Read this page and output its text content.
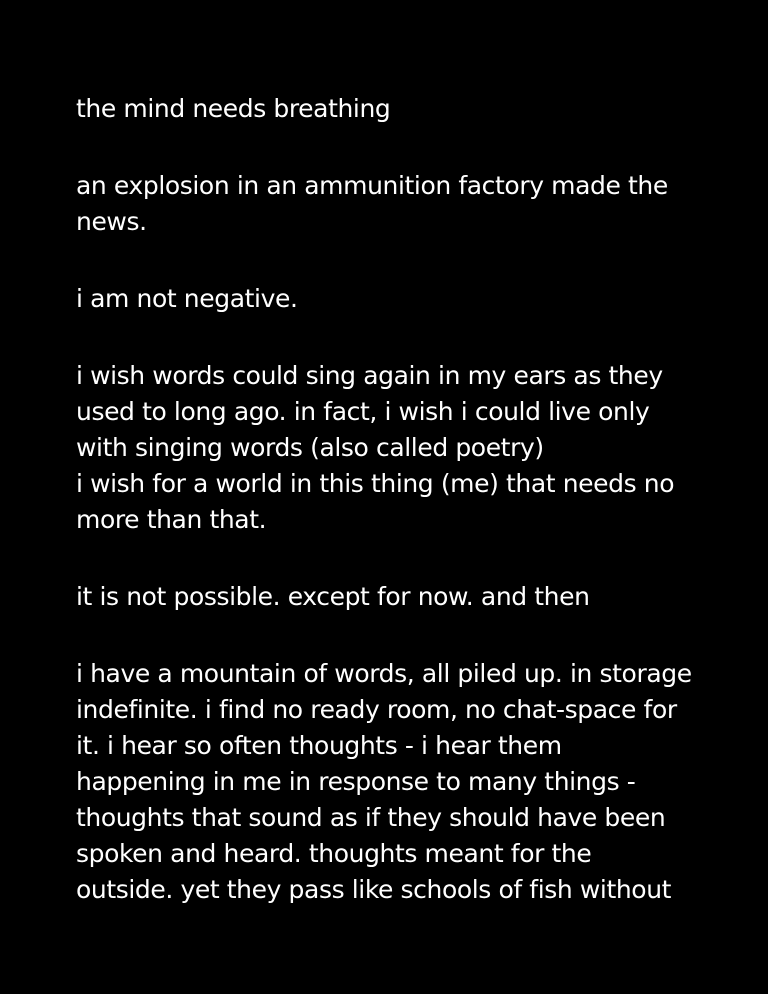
the mind needs breathing

an explosion in an ammunition factory made the
news.

i am not negative.

i wish words could sing again in my ears as they
used to long ago. in fact, i wish i could live only
with singing words (also called poetry)
i wish for a world in this thing (me) that needs no
more than that.

it is not possible. except for now. and then

i have a mountain of words, all piled up. in storage
indefinite. i find no ready room, no chat-space for
it. i hear so often thoughts - i hear them
happening in me in response to many things -
thoughts that sound as if they should have been
spoken and heard. thoughts meant for the
outside. yet they pass like schools of fish without
